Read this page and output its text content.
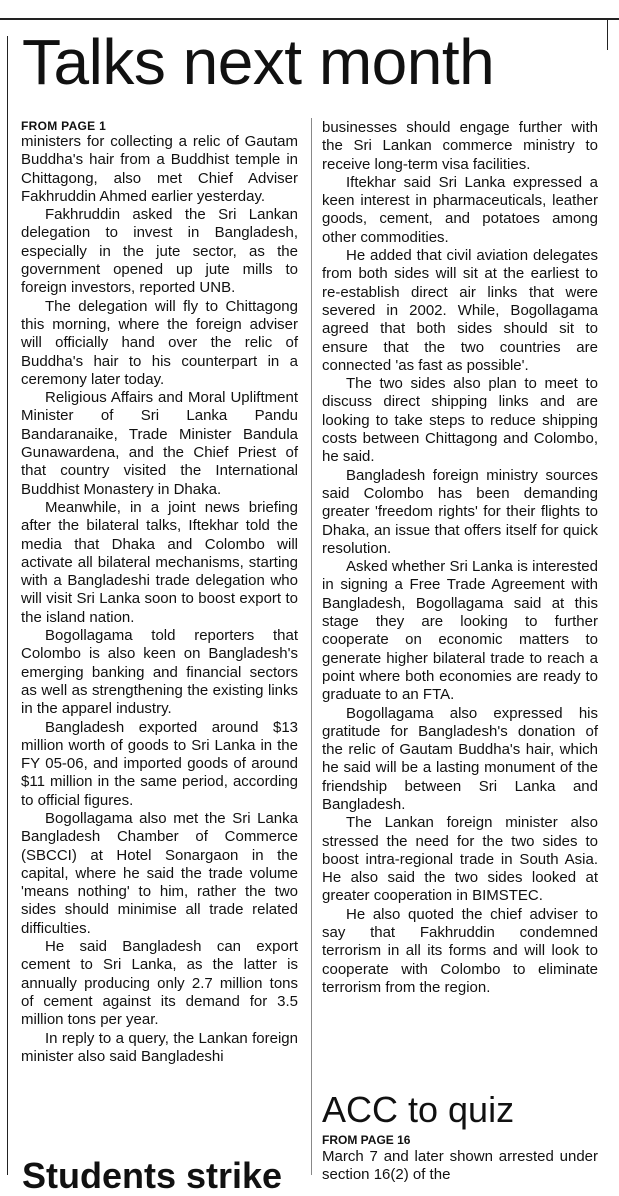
Talks next month

FROM PAGE 1

ministers for collecting a relic of Gautam Buddha's hair from a Buddhist temple in Chittagong, also met Chief Adviser Fakhruddin Ahmed earlier yesterday.

Fakhruddin asked the Sri Lankan delegation to invest in Bangladesh, especially in the jute sector, as the government opened up jute mills to foreign investors, reported UNB.

The delegation will fly to Chittagong this morning, where the foreign adviser will officially hand over the relic of Buddha's hair to his counterpart in a ceremony later today.

Religious Affairs and Moral Upliftment Minister of Sri Lanka Pandu Bandaranaike, Trade Minister Bandula Gunawardena, and the Chief Priest of that country visited the International Buddhist Monastery in Dhaka.

Meanwhile, in a joint news briefing after the bilateral talks, Iftekhar told the media that Dhaka and Colombo will activate all bilateral mechanisms, starting with a Bangladeshi trade delegation who will visit Sri Lanka soon to boost export to the island nation.

Bogollagama told reporters that Colombo is also keen on Bangladesh's emerging banking and financial sectors as well as strengthening the existing links in the apparel industry.

Bangladesh exported around $13 million worth of goods to Sri Lanka in the FY 05-06, and imported goods of around $11 million in the same period, according to official figures.

Bogollagama also met the Sri Lanka Bangladesh Chamber of Commerce (SBCCI) at Hotel Sonargaon in the capital, where he said the trade volume 'means nothing' to him, rather the two sides should minimise all trade related difficulties.

He said Bangladesh can export cement to Sri Lanka, as the latter is annually producing only 2.7 million tons of cement against its demand for 3.5 million tons per year.

In reply to a query, the Lankan foreign minister also said Bangladeshi

businesses should engage further with the Sri Lankan commerce ministry to receive long-term visa facilities.

Iftekhar said Sri Lanka expressed a keen interest in pharmaceuticals, leather goods, cement, and potatoes among other commodities.

He added that civil aviation delegates from both sides will sit at the earliest to re-establish direct air links that were severed in 2002. While, Bogollagama agreed that both sides should sit to ensure that the two countries are connected 'as fast as possible'.

The two sides also plan to meet to discuss direct shipping links and are looking to take steps to reduce shipping costs between Chittagong and Colombo, he said.

Bangladesh foreign ministry sources said Colombo has been demanding greater 'freedom rights' for their flights to Dhaka, an issue that offers itself for quick resolution.

Asked whether Sri Lanka is interested in signing a Free Trade Agreement with Bangladesh, Bogollagama said at this stage they are looking to further cooperate on economic matters to generate higher bilateral trade to reach a point where both economies are ready to graduate to an FTA.

Bogollagama also expressed his gratitude for Bangladesh's donation of the relic of Gautam Buddha's hair, which he said will be a lasting monument of the friendship between Sri Lanka and Bangladesh.

The Lankan foreign minister also stressed the need for the two sides to boost intra-regional trade in South Asia. He also said the two sides looked at greater cooperation in BIMSTEC.

He also quoted the chief adviser to say that Fakhruddin condemned terrorism in all its forms and will look to cooperate with Colombo to eliminate terrorism from the region.

ACC to quiz

FROM PAGE 16

March 7 and later shown arrested under section 16(2) of the

Students strike
